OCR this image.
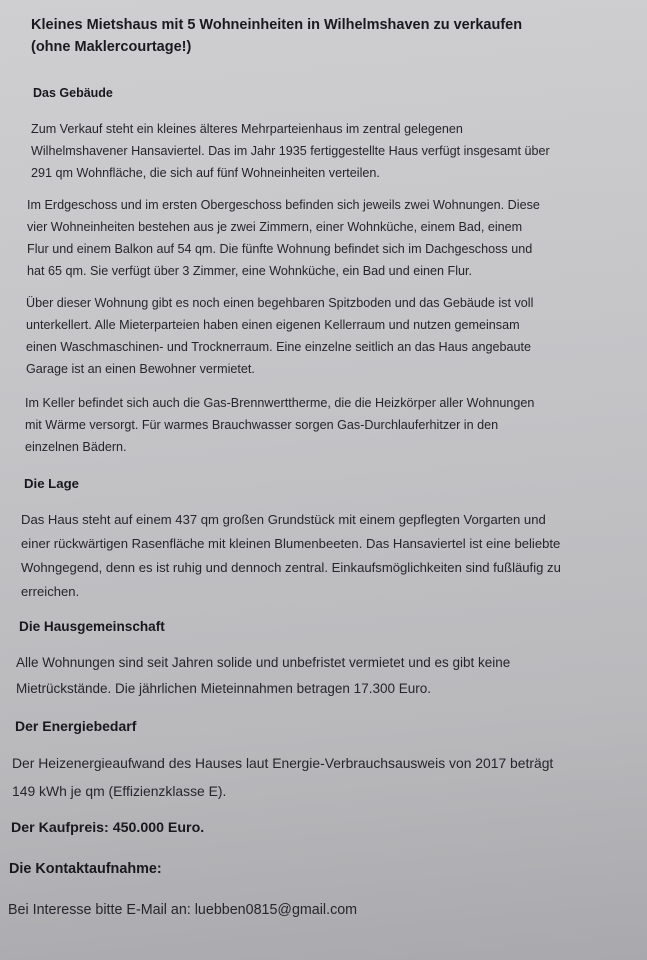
Kleines Mietshaus mit 5 Wohneinheiten in Wilhelmshaven zu verkaufen
(ohne Maklercourtage!)
Das Gebäude
Zum Verkauf steht ein kleines älteres Mehrparteienhaus im zentral gelegenen
Wilhelmshavener Hansaviertel. Das im Jahr 1935 fertiggestellte Haus verfügt insgesamt über
291 qm Wohnfläche, die sich auf fünf Wohneinheiten verteilen.
Im Erdgeschoss und im ersten Obergeschoss befinden sich jeweils zwei Wohnungen. Diese
vier Wohneinheiten bestehen aus je zwei Zimmern, einer Wohnküche, einem Bad, einem
Flur und einem Balkon auf 54 qm. Die fünfte Wohnung befindet sich im Dachgeschoss und
hat 65 qm. Sie verfügt über 3 Zimmer, eine Wohnküche, ein Bad und einen Flur.
Über dieser Wohnung gibt es noch einen begehbaren Spitzboden und das Gebäude ist voll
unterkellert. Alle Mieterparteien haben einen eigenen Kellerraum und nutzen gemeinsam
einen Waschmaschinen- und Trocknerraum. Eine einzelne seitlich an das Haus angebaute
Garage ist an einen Bewohner vermietet.
Im Keller befindet sich auch die Gas-Brennwerttherme, die die Heizkörper aller Wohnungen
mit Wärme versorgt. Für warmes Brauchwasser sorgen Gas-Durchlauferhitzer in den
einzelnen Bädern.
Die Lage
Das Haus steht auf einem 437 qm großen Grundstück mit einem gepflegten Vorgarten und
einer rückwärtigen Rasenfläche mit kleinen Blumenbeeten. Das Hansaviertel ist eine beliebte
Wohngegend, denn es ist ruhig und dennoch zentral. Einkaufsmöglichkeiten sind fußläufig zu
erreichen.
Die Hausgemeinschaft
Alle Wohnungen sind seit Jahren solide und unbefristet vermietet und es gibt keine
Mietrückstände. Die jährlichen Mieteinnahmen betragen 17.300 Euro.
Der Energiebedarf
Der Heizenergieaufwand des Hauses laut Energie-Verbrauchsausweis von 2017 beträgt
149 kWh je qm (Effizienzklasse E).
Der Kaufpreis: 450.000 Euro.
Die Kontaktaufnahme:
Bei Interesse bitte E-Mail an: luebben0815@gmail.com
